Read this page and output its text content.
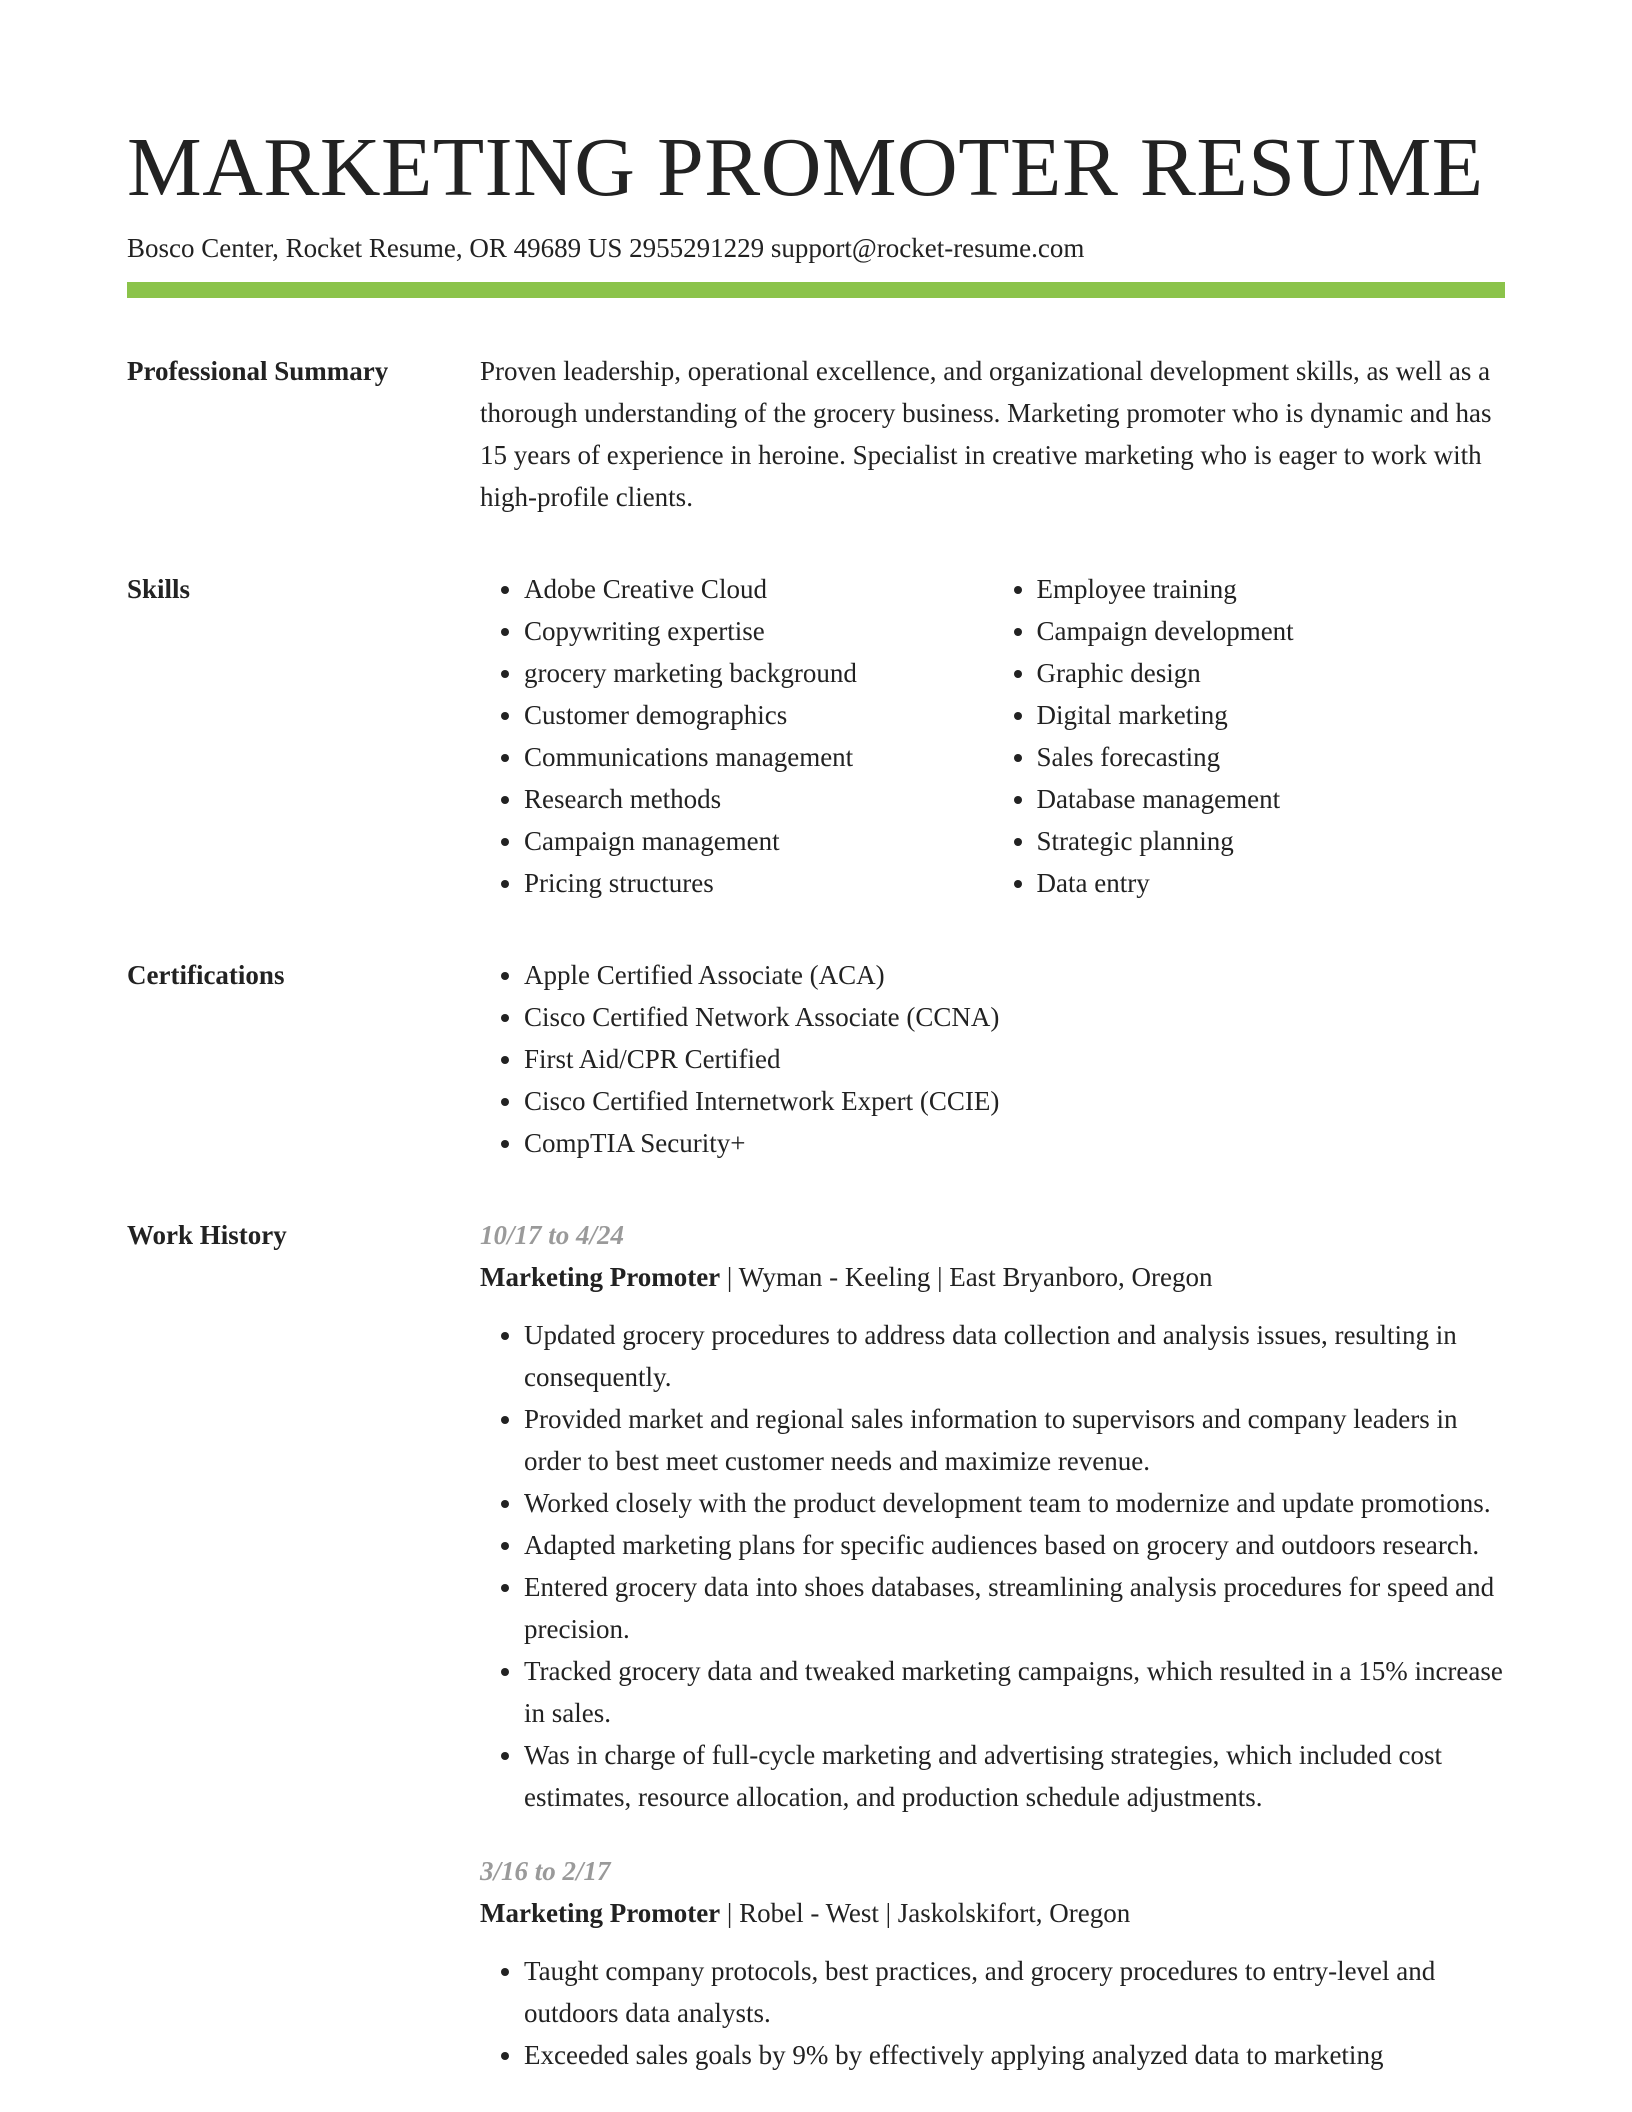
MARKETING PROMOTER RESUME
Bosco Center, Rocket Resume, OR 49689 US 2955291229 support@rocket-resume.com
Professional Summary	Proven leadership, operational excellence, and organizational development skills, as well as a thorough understanding of the grocery business. Marketing promoter who is dynamic and has 15 years of experience in heroine. Specialist in creative marketing who is eager to work with high-profile clients.

Skills	• Adobe Creative Cloud
• Copywriting expertise
• grocery marketing background
• Customer demographics
• Communications management
• Research methods
• Campaign management
• Pricing structures
• Employee training
• Campaign development
• Graphic design
• Digital marketing
• Sales forecasting
• Database management
• Strategic planning
• Data entry
Certifications	• Apple Certified Associate (ACA)
• Cisco Certified Network Associate (CCNA)
• First Aid/CPR Certified
• Cisco Certified Internetwork Expert (CCIE)
• CompTIA Security+
Work History	10/17 to 4/24
Marketing Promoter | Wyman - Keeling | East Bryanboro, Oregon
• Updated grocery procedures to address data collection and analysis issues, resulting in consequently.
• Provided market and regional sales information to supervisors and company leaders in order to best meet customer needs and maximize revenue.
• Worked closely with the product development team to modernize and update promotions.
• Adapted marketing plans for specific audiences based on grocery and outdoors research.
• Entered grocery data into shoes databases, streamlining analysis procedures for speed and precision.
• Tracked grocery data and tweaked marketing campaigns, which resulted in a 15% increase in sales.
• Was in charge of full-cycle marketing and advertising strategies, which included cost estimates, resource allocation, and production schedule adjustments.
3/16 to 2/17
Marketing Promoter | Robel - West | Jaskolskifort, Oregon
• Taught company protocols, best practices, and grocery procedures to entry-level and outdoors data analysts.
• Exceeded sales goals by 9% by effectively applying analyzed data to marketing
